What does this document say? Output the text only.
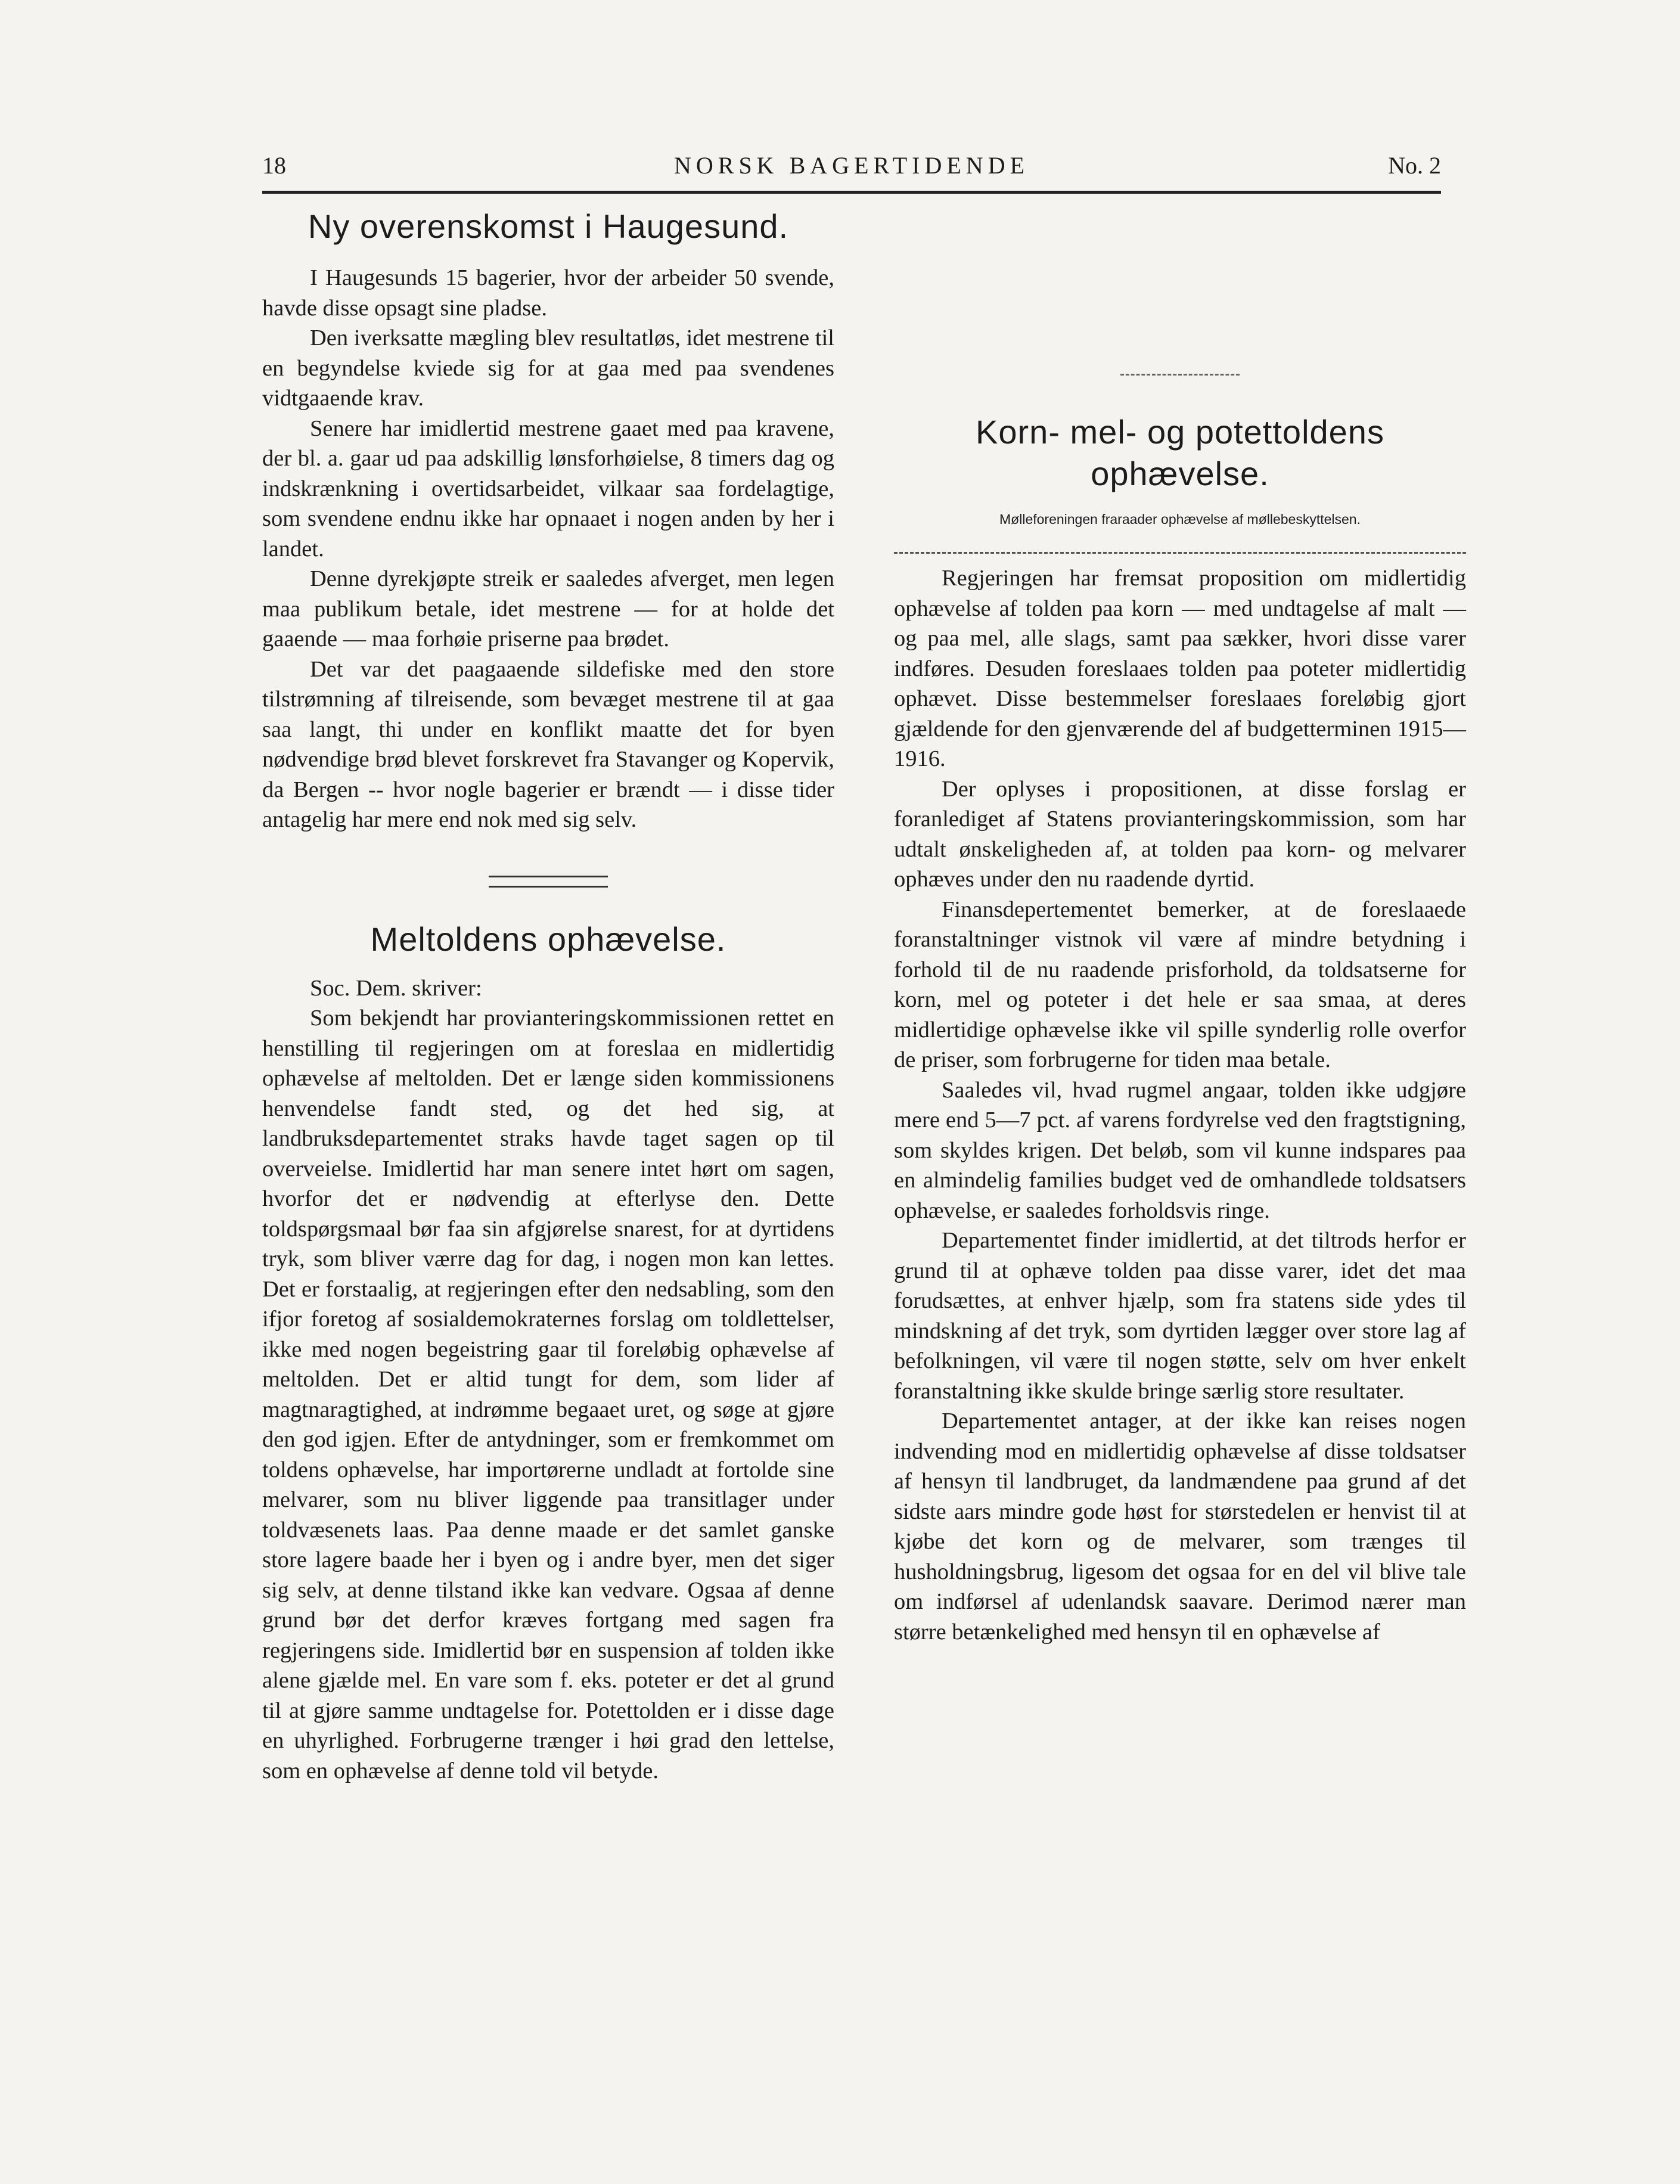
18	NORSK BAGERTIDENDE	No. 2
Ny overenskomst i Haugesund.

I Haugesunds 15 bagerier, hvor der arbeider 50 svende, havde disse opsagt sine pladse.

Den iverksatte mægling blev resultatløs, idet mestrene til en begyndelse kviede sig for at gaa med paa svendenes vidtgaaende krav.

Senere har imidlertid mestrene gaaet med paa kravene, der bl. a. gaar ud paa adskillig lønsforhøielse, 8 timers dag og indskrænkning i overtidsarbeidet, vilkaar saa fordelagtige, som svendene endnu ikke har opnaaet i nogen anden by her i landet.

Denne dyrekjøpte streik er saaledes afverget, men legen maa publikum betale, idet mestrene — for at holde det gaaende — maa forhøie priserne paa brødet.

Det var det paagaaende sildefiske med den store tilstrømning af tilreisende, som bevæget mestrene til at gaa saa langt, thi under en konflikt maatte det for byen nødvendige brød blevet forskrevet fra Stavanger og Kopervik, da Bergen -- hvor nogle bagerier er brændt — i disse tider antagelig har mere end nok med sig selv.

Meltoldens ophævelse.

Soc. Dem. skriver:

Som bekjendt har provianteringskommissionen rettet en henstilling til regjeringen om at foreslaa en midlertidig ophævelse af meltolden. Det er længe siden kommissionens henvendelse fandt sted, og det hed sig, at landbruksdepartementet straks havde taget sagen op til overveielse. Imidlertid har man senere intet hørt om sagen, hvorfor det er nødvendig at efterlyse den. Dette toldspørgsmaal bør faa sin afgjørelse snarest, for at dyrtidens tryk, som bliver værre dag for dag, i nogen mon kan lettes. Det er forstaalig, at regjeringen efter den nedsabling, som den ifjor foretog af sosialdemokraternes forslag om toldlettelser, ikke med nogen begeistring gaar til foreløbig ophævelse af meltolden. Det er altid tungt for dem, som lider af magtnaragtighed, at indrømme begaaet uret, og søge at gjøre den god igjen. Efter de antydninger, som er fremkommet om toldens ophævelse, har importørerne undladt at fortolde sine melvarer, som nu bliver liggende paa transitlager under toldvæsenets laas. Paa denne maade er det samlet ganske store lagere baade her i byen og i andre byer, men det siger sig selv, at denne tilstand ikke kan vedvare. Ogsaa af denne grund bør det derfor kræves fortgang med sagen fra regjeringens side. Imidlertid bør en suspension af tolden ikke alene gjælde mel. En vare som f. eks. poteter er det al grund til at gjøre samme undtagelse for. Potettolden er i disse dage en uhyrlighed. Forbrugerne trænger i høi grad den lettelse, som en ophævelse af denne told vil betyde.

Korn- mel- og potettoldens
ophævelse.

Mølleforeningen fraraader ophævelse af møllebeskyttelsen.

Regjeringen har fremsat proposition om midlertidig ophævelse af tolden paa korn — med undtagelse af malt — og paa mel, alle slags, samt paa sækker, hvori disse varer indføres. Desuden foreslaaes tolden paa poteter midlertidig ophævet. Disse bestemmelser foreslaaes foreløbig gjort gjældende for den gjenværende del af budgetterminen 1915—1916.

Der oplyses i propositionen, at disse forslag er foranlediget af Statens provianteringskommission, som har udtalt ønskeligheden af, at tolden paa korn- og melvarer ophæves under den nu raadende dyrtid.

Finansdepertementet bemerker, at de foreslaaede foranstaltninger vistnok vil være af mindre betydning i forhold til de nu raadende prisforhold, da toldsatserne for korn, mel og poteter i det hele er saa smaa, at deres midlertidige ophævelse ikke vil spille synderlig rolle overfor de priser, som forbrugerne for tiden maa betale.

Saaledes vil, hvad rugmel angaar, tolden ikke udgjøre mere end 5—7 pct. af varens fordyrelse ved den fragtstigning, som skyldes krigen. Det beløb, som vil kunne indspares paa en almindelig families budget ved de omhandlede toldsatsers ophævelse, er saaledes forholdsvis ringe.

Departementet finder imidlertid, at det tiltrods herfor er grund til at ophæve tolden paa disse varer, idet det maa forudsættes, at enhver hjælp, som fra statens side ydes til mindskning af det tryk, som dyrtiden lægger over store lag af befolkningen, vil være til nogen støtte, selv om hver enkelt foranstaltning ikke skulde bringe særlig store resultater.

Departementet antager, at der ikke kan reises nogen indvending mod en midlertidig ophævelse af disse toldsatser af hensyn til landbruget, da landmændene paa grund af det sidste aars mindre gode høst for størstedelen er henvist til at kjøbe det korn og de melvarer, som trænges til husholdningsbrug, ligesom det ogsaa for en del vil blive tale om indførsel af udenlandsk saavare. Derimod nærer man større betænkelighed med hensyn til en ophævelse af
